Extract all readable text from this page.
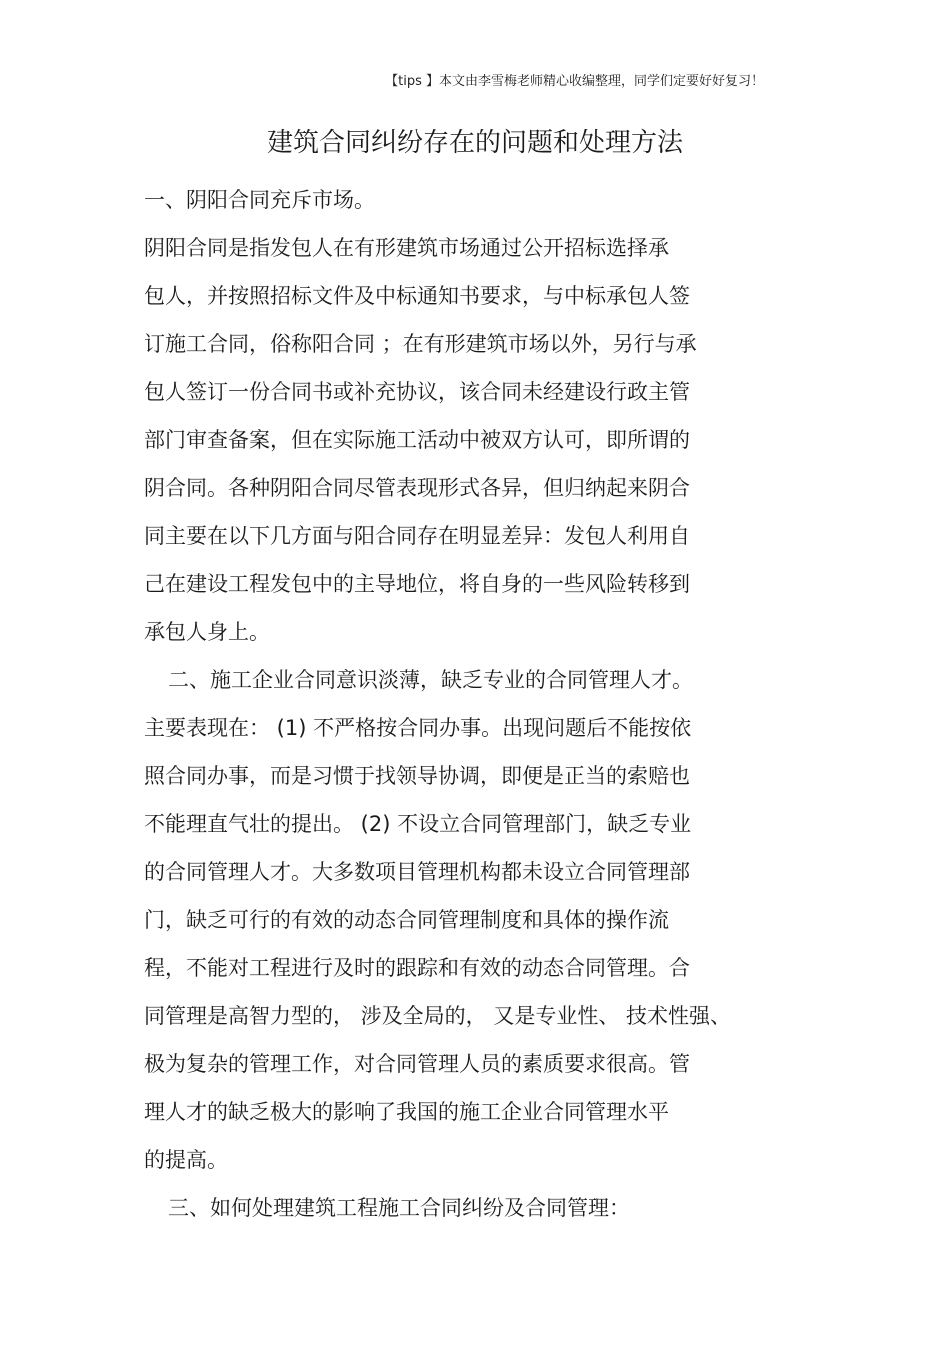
【tips 】本文由李雪梅老师精心收编整理，同学们定要好好复习！
建筑合同纠纷存在的问题和处理方法
一、阴阳合同充斥市场。
阴阳合同是指发包人在有形建筑市场通过公开招标选择承
包人，并按照招标文件及中标通知书要求，与中标承包人签
订施工合同，俗称阳合同 ；在有形建筑市场以外，另行与承
包人签订一份合同书或补充协议，该合同未经建设行政主管
部门审查备案，但在实际施工活动中被双方认可，即所谓的
阴合同。各种阴阳合同尽管表现形式各异，但归纳起来阴合
同主要在以下几方面与阳合同存在明显差异：发包人利用自
己在建设工程发包中的主导地位，将自身的一些风险转移到
承包人身上。
二、施工企业合同意识淡薄，缺乏专业的合同管理人才。
主要表现在： (1) 不严格按合同办事。出现问题后不能按依
照合同办事，而是习惯于找领导协调，即便是正当的索赔也
不能理直气壮的提出。 (2) 不设立合同管理部门，缺乏专业
的合同管理人才。大多数项目管理机构都未设立合同管理部
门，缺乏可行的有效的动态合同管理制度和具体的操作流
程，不能对工程进行及时的跟踪和有效的动态合同管理。合
同管理是高智力型的， 涉及全局的， 又是专业性、 技术性强、
极为复杂的管理工作，对合同管理人员的素质要求很高。管
理人才的缺乏极大的影响了我国的施工企业合同管理水平
的提高。
三、如何处理建筑工程施工合同纠纷及合同管理：
